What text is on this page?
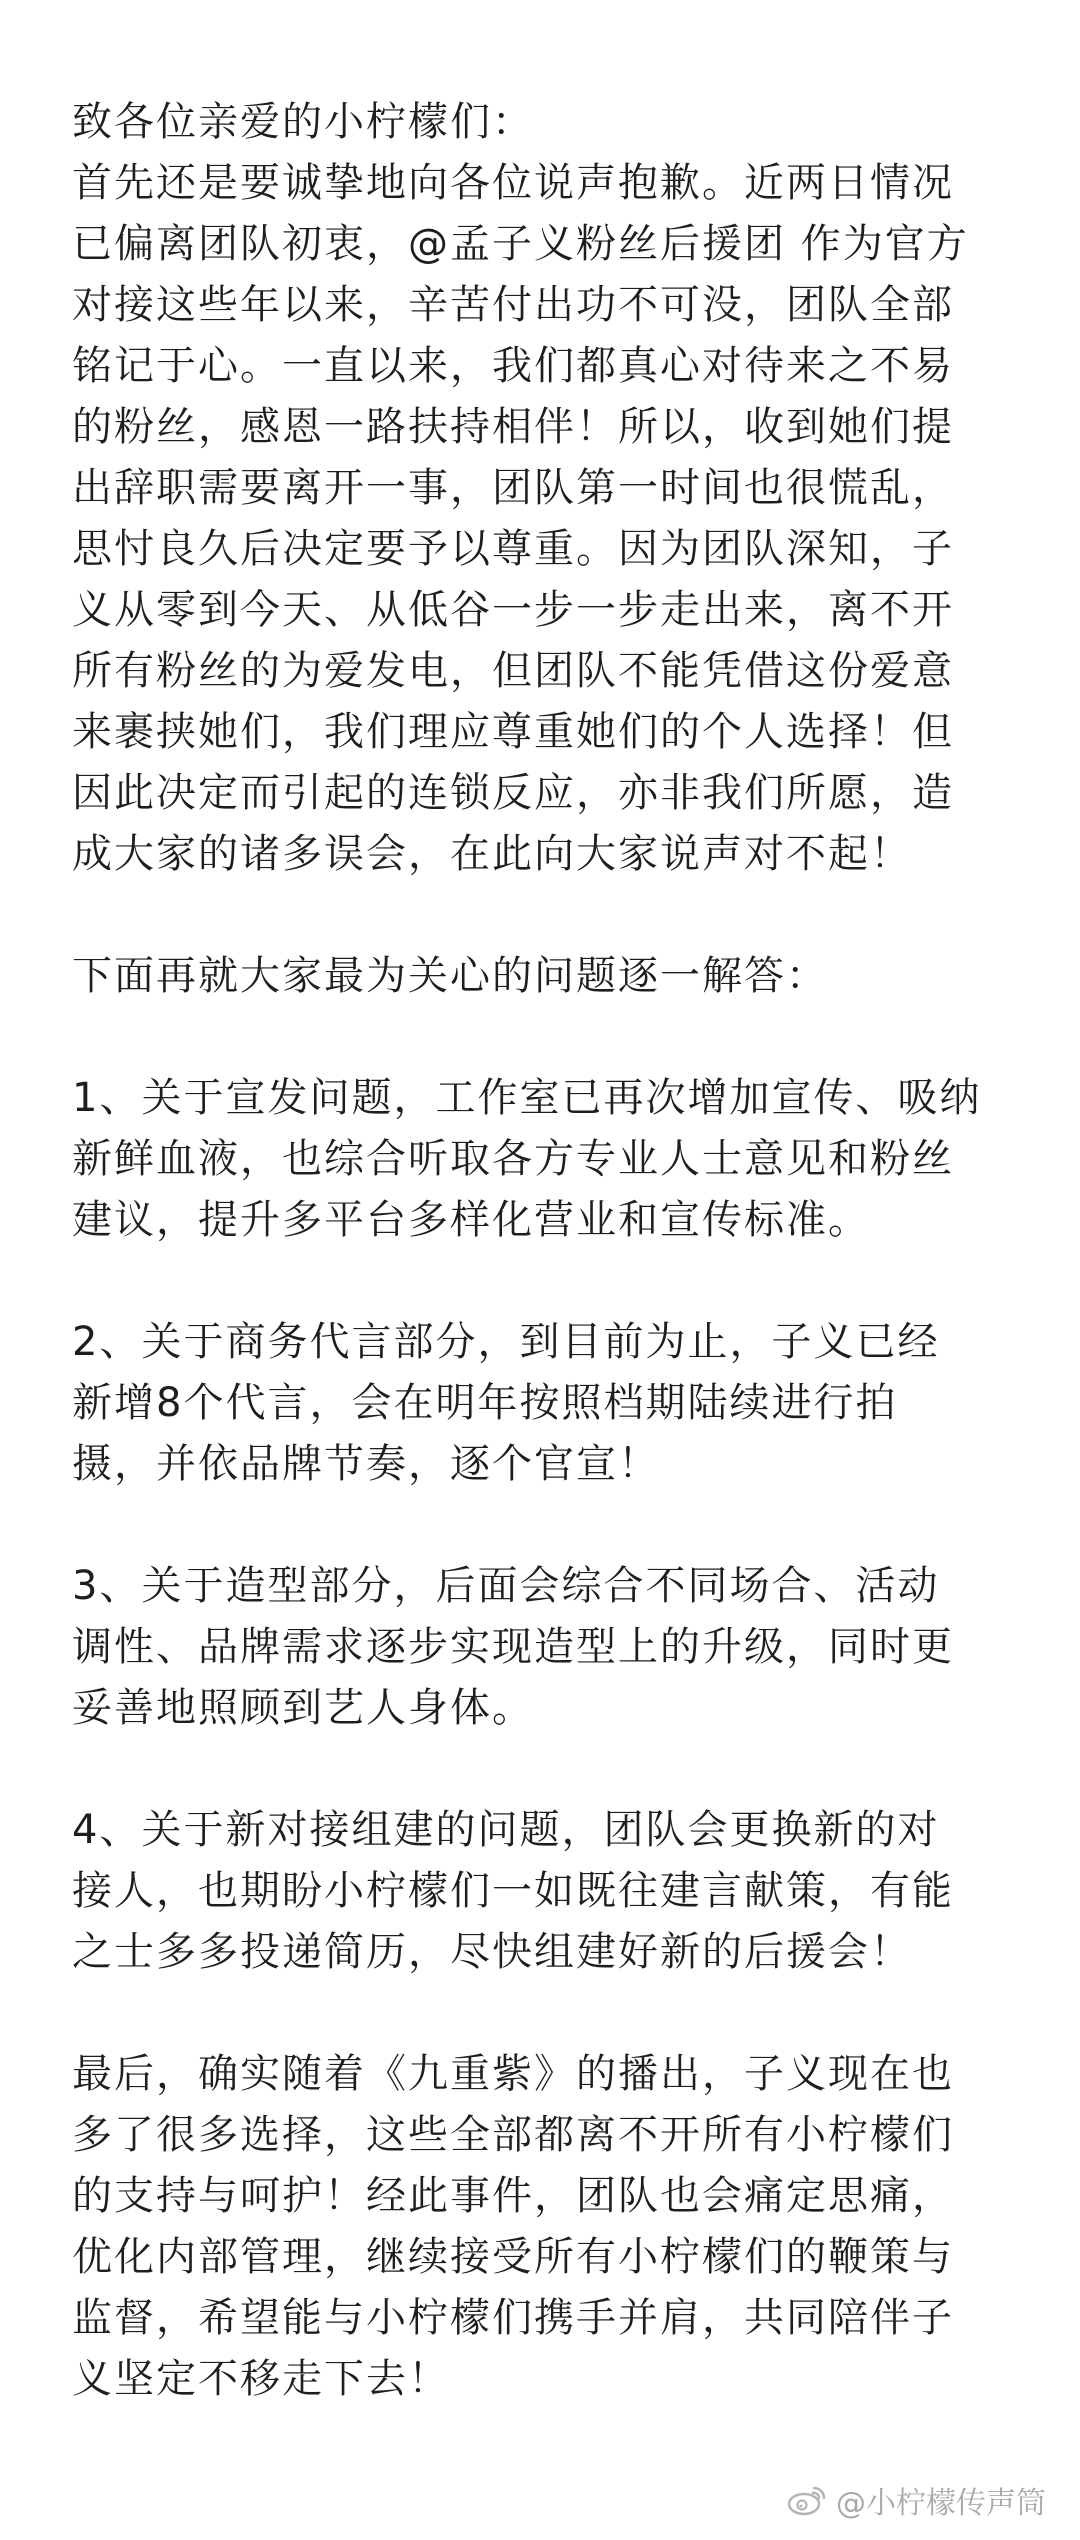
致各位亲爱的小柠檬们：
首先还是要诚挚地向各位说声抱歉。近两日情况
已偏离团队初衷，@孟子义粉丝后援团 作为官方
对接这些年以来，辛苦付出功不可没，团队全部
铭记于心。一直以来，我们都真心对待来之不易
的粉丝，感恩一路扶持相伴！所以，收到她们提
出辞职需要离开一事，团队第一时间也很慌乱，
思忖良久后决定要予以尊重。因为团队深知，子
义从零到今天、从低谷一步一步走出来，离不开
所有粉丝的为爱发电，但团队不能凭借这份爱意
来裹挟她们，我们理应尊重她们的个人选择！但
因此决定而引起的连锁反应，亦非我们所愿，造
成大家的诸多误会，在此向大家说声对不起！
下面再就大家最为关心的问题逐一解答：
1、关于宣发问题，工作室已再次增加宣传、吸纳
新鲜血液，也综合听取各方专业人士意见和粉丝
建议，提升多平台多样化营业和宣传标准。
2、关于商务代言部分，到目前为止，子义已经
新增8个代言，会在明年按照档期陆续进行拍
摄，并依品牌节奏，逐个官宣！
3、关于造型部分，后面会综合不同场合、活动
调性、品牌需求逐步实现造型上的升级，同时更
妥善地照顾到艺人身体。
4、关于新对接组建的问题，团队会更换新的对
接人，也期盼小柠檬们一如既往建言献策，有能
之士多多投递简历，尽快组建好新的后援会！
最后，确实随着《九重紫》的播出，子义现在也
多了很多选择，这些全部都离不开所有小柠檬们
的支持与呵护！经此事件，团队也会痛定思痛，
优化内部管理，继续接受所有小柠檬们的鞭策与
监督，希望能与小柠檬们携手并肩，共同陪伴子
义坚定不移走下去！
@小柠檬传声筒
